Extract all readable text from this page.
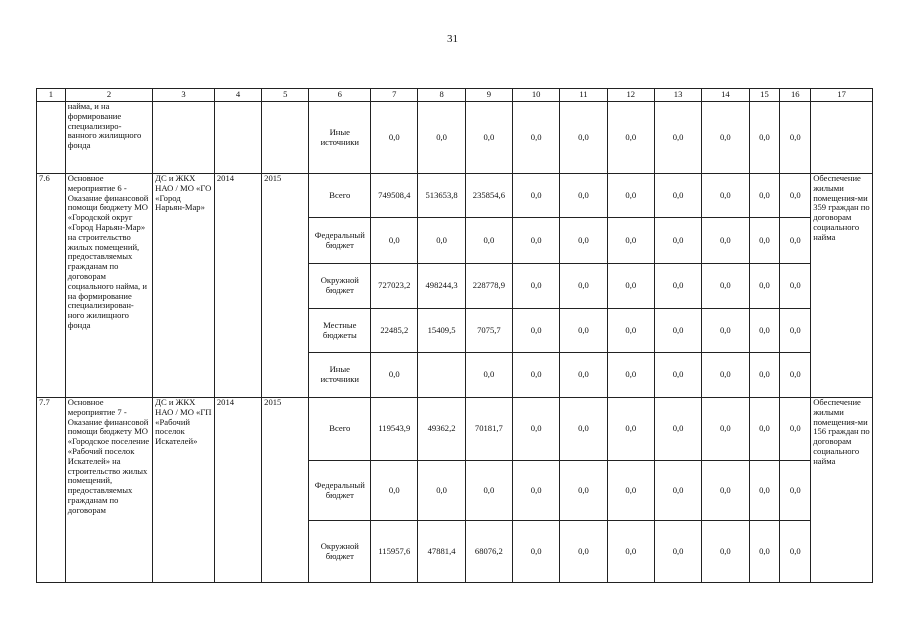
31
1	2	3	4	5	6	7	8	9	10	11	12	13	14	15	16	17
	найма, и на формирование специализиро-ванного жилищного фонда				Иные источники	0,0	0,0	0,0	0,0	0,0	0,0	0,0	0,0	0,0	0,0	
7.6	Основное мероприятие 6 - Оказание финансовой помощи бюджету МО «Городской округ «Город Нарьян-Мар» на строительство жилых помещений, предоставляемых гражданам по договорам социального найма, и на формирование специализирован-ного жилищного фонда	ДС и ЖКХ НАО / МО «ГО «Город Нарьян-Мар»	2014	2015	Всего	749508,4	513653,8	235854,6	0,0	0,0	0,0	0,0	0,0	0,0	0,0	Обеспечение жилыми помещения-ми 359 граждан по договорам социального найма
					Федеральный бюджет	0,0	0,0	0,0	0,0	0,0	0,0	0,0	0,0	0,0	0,0	
					Окружной бюджет	727023,2	498244,3	228778,9	0,0	0,0	0,0	0,0	0,0	0,0	0,0	
					Местные бюджеты	22485,2	15409,5	7075,7	0,0	0,0	0,0	0,0	0,0	0,0	0,0	
					Иные источники	0,0		0,0	0,0	0,0	0,0	0,0	0,0	0,0	0,0	
7.7	Основное мероприятие 7 - Оказание финансовой помощи бюджету МО «Городское поселение «Рабочий поселок Искателей» на строительство жилых помещений, предоставляемых гражданам по договорам	ДС и ЖКХ НАО / МО «ГП «Рабочий поселок Искателей»	2014	2015	Всего	119543,9	49362,2	70181,7	0,0	0,0	0,0	0,0	0,0	0,0	0,0	Обеспечение жилыми помещения-ми 156 граждан по договорам социального найма
					Федеральный бюджет	0,0	0,0	0,0	0,0	0,0	0,0	0,0	0,0	0,0	0,0	
					Окружной бюджет	115957,6	47881,4	68076,2	0,0	0,0	0,0	0,0	0,0	0,0	0,0	
